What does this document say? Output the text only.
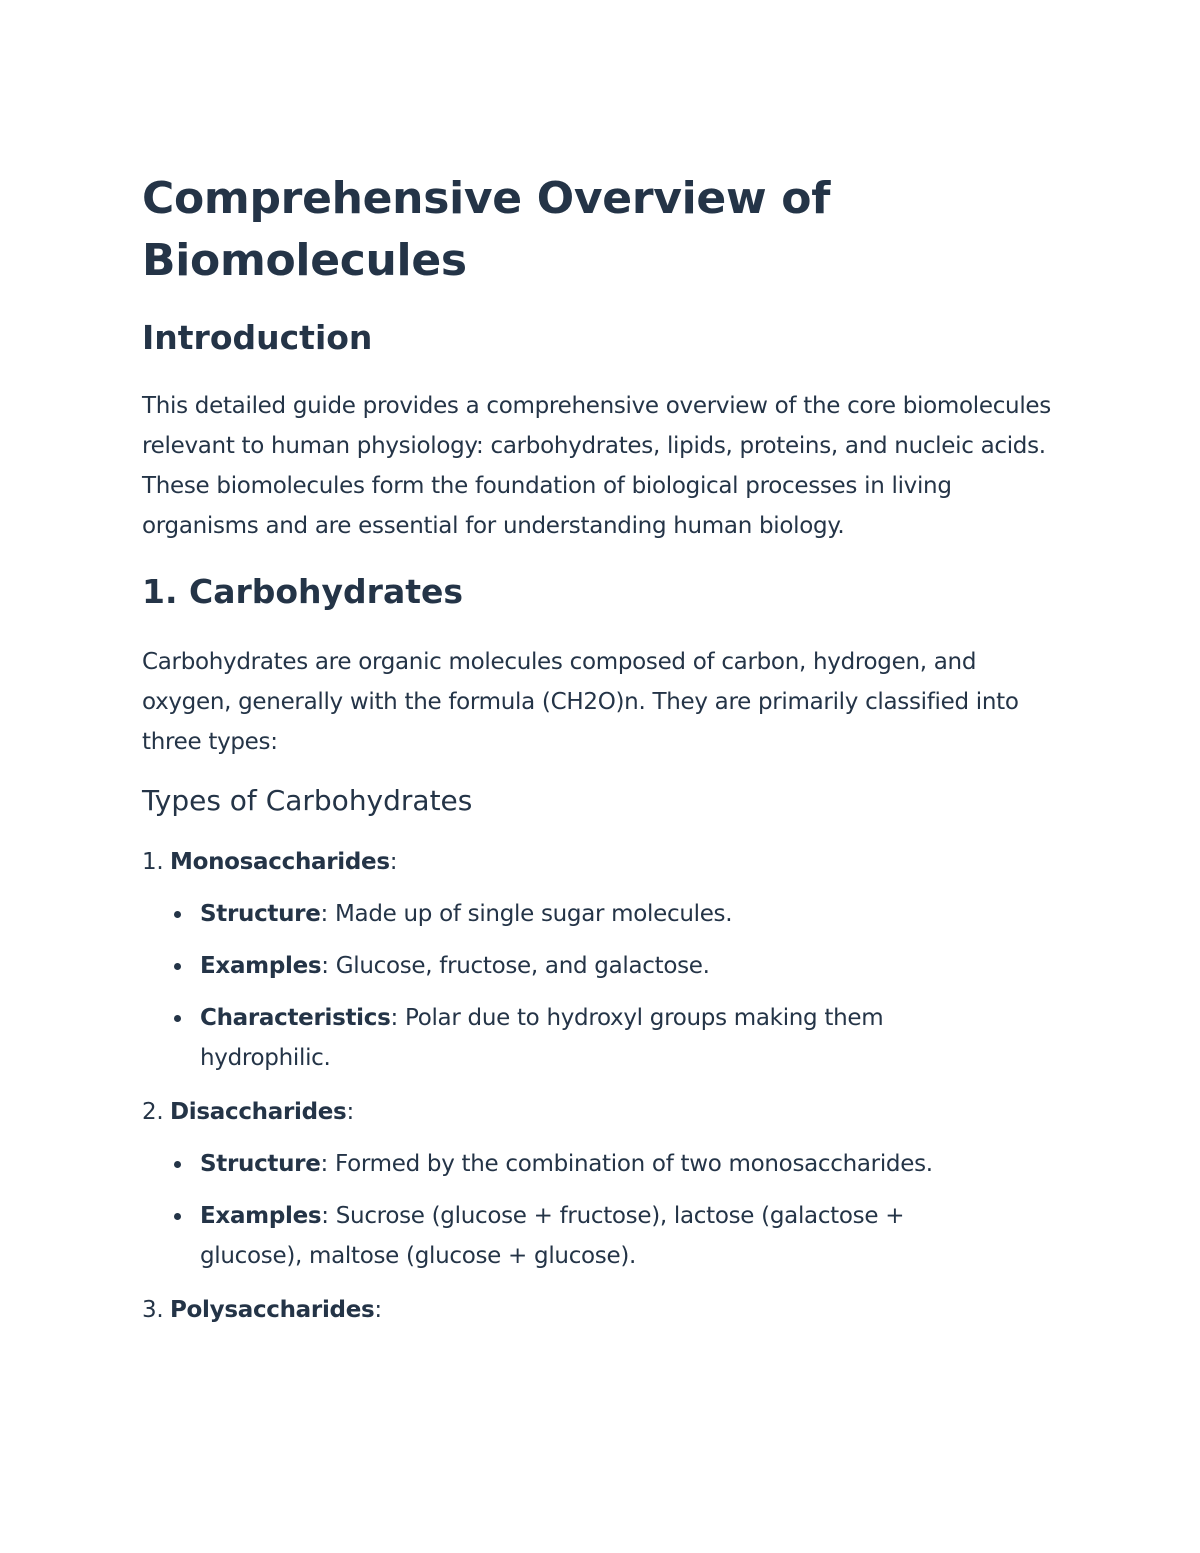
Comprehensive Overview of Biomolecules
Introduction

This detailed guide provides a comprehensive overview of the core biomolecules relevant to human physiology: carbohydrates, lipids, proteins, and nucleic acids. These biomolecules form the foundation of biological processes in living organisms and are essential for understanding human biology.

1. Carbohydrates

Carbohydrates are organic molecules composed of carbon, hydrogen, and oxygen, generally with the formula (CH2O)n. They are primarily classified into three types:

Types of Carbohydrates
1. Monosaccharides:
Structure: Made up of single sugar molecules.
Examples: Glucose, fructose, and galactose.
Characteristics: Polar due to hydroxyl groups making them hydrophilic.
2. Disaccharides:
Structure: Formed by the combination of two monosaccharides.
Examples: Sucrose (glucose + fructose), lactose (galactose + glucose), maltose (glucose + glucose).
3. Polysaccharides:
